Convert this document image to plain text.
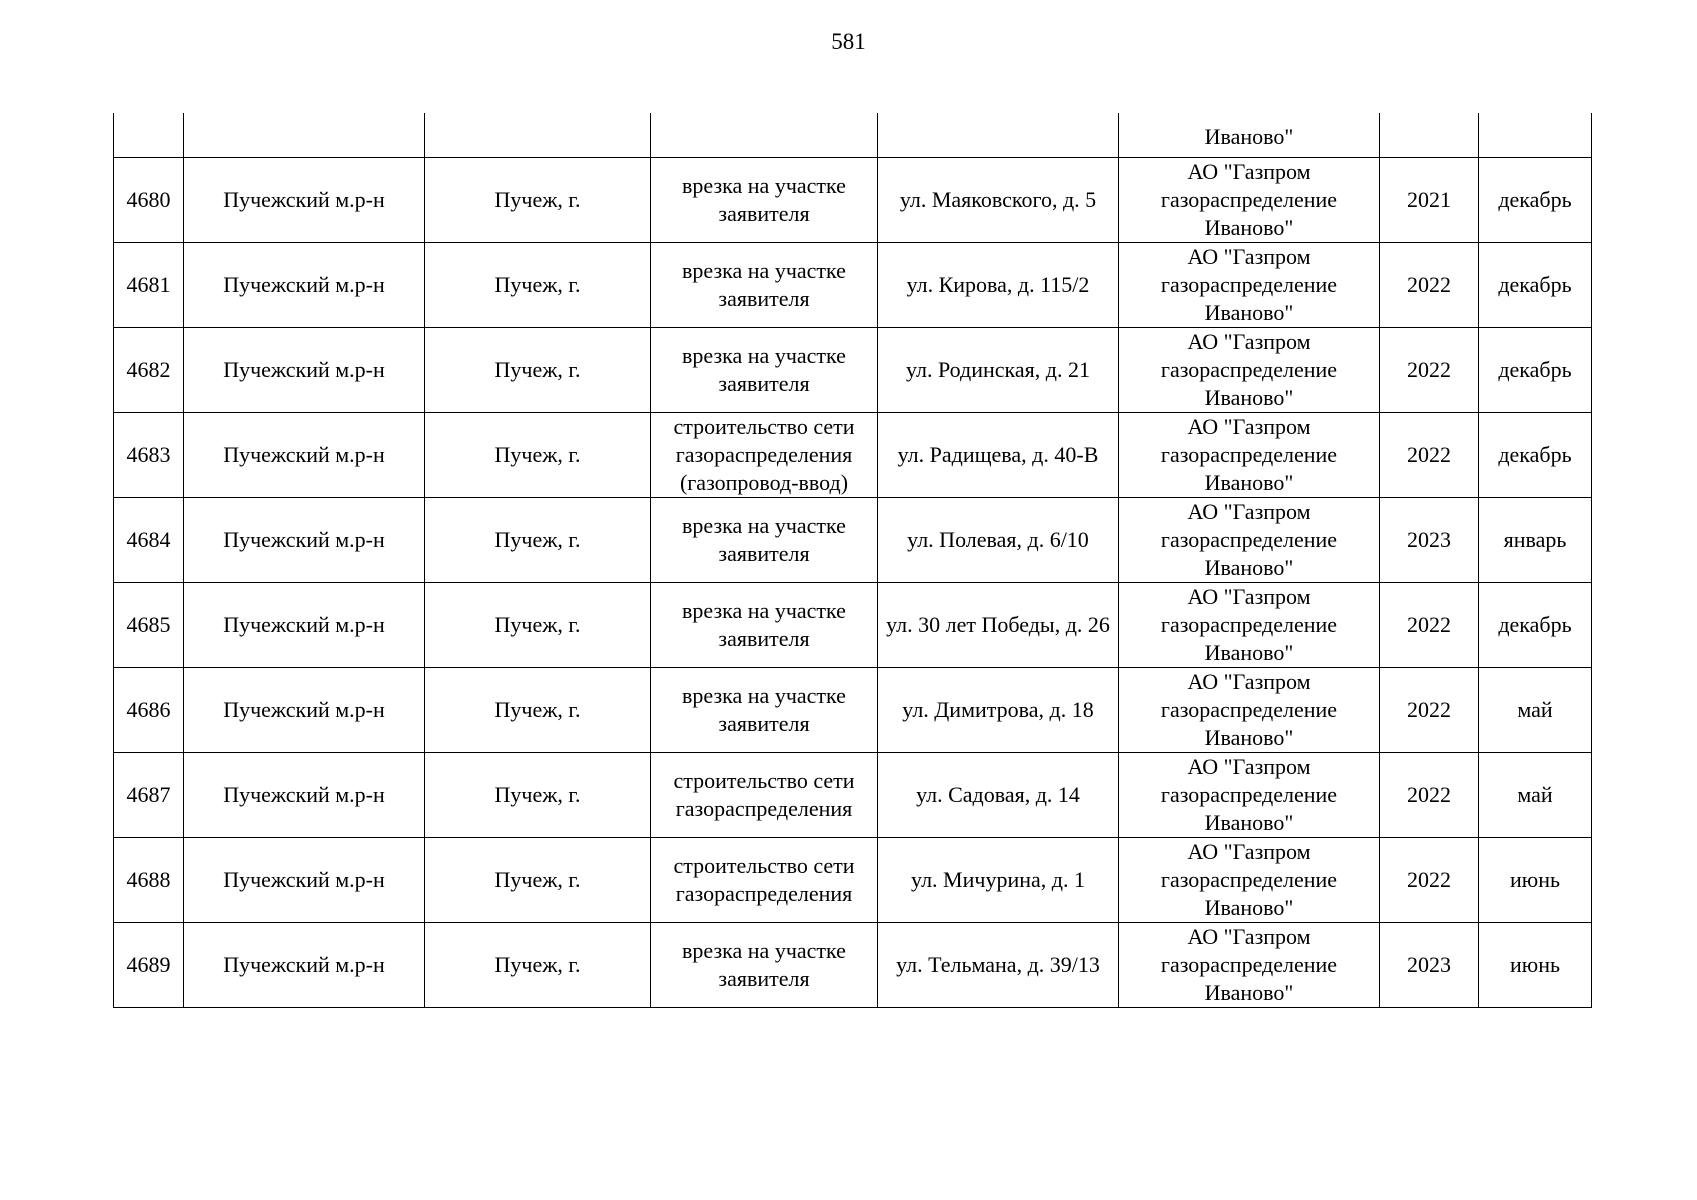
581
					Иваново"		
4680	Пучежский м.р-н	Пучеж, г.	врезка на участке заявителя	ул. Маяковского, д. 5	АО "Газпром газораспределение Иваново"	2021	декабрь
4681	Пучежский м.р-н	Пучеж, г.	врезка на участке заявителя	ул. Кирова, д. 115/2	АО "Газпром газораспределение Иваново"	2022	декабрь
4682	Пучежский м.р-н	Пучеж, г.	врезка на участке заявителя	ул. Родинская, д. 21	АО "Газпром газораспределение Иваново"	2022	декабрь
4683	Пучежский м.р-н	Пучеж, г.	строительство сети газораспределения (газопровод-ввод)	ул. Радищева, д. 40-В	АО "Газпром газораспределение Иваново"	2022	декабрь
4684	Пучежский м.р-н	Пучеж, г.	врезка на участке заявителя	ул. Полевая, д. 6/10	АО "Газпром газораспределение Иваново"	2023	январь
4685	Пучежский м.р-н	Пучеж, г.	врезка на участке заявителя	ул. 30 лет Победы, д. 26	АО "Газпром газораспределение Иваново"	2022	декабрь
4686	Пучежский м.р-н	Пучеж, г.	врезка на участке заявителя	ул. Димитрова, д. 18	АО "Газпром газораспределение Иваново"	2022	май
4687	Пучежский м.р-н	Пучеж, г.	строительство сети газораспределения	ул. Садовая, д. 14	АО "Газпром газораспределение Иваново"	2022	май
4688	Пучежский м.р-н	Пучеж, г.	строительство сети газораспределения	ул. Мичурина, д. 1	АО "Газпром газораспределение Иваново"	2022	июнь
4689	Пучежский м.р-н	Пучеж, г.	врезка на участке заявителя	ул. Тельмана, д. 39/13	АО "Газпром газораспределение Иваново"	2023	июнь
